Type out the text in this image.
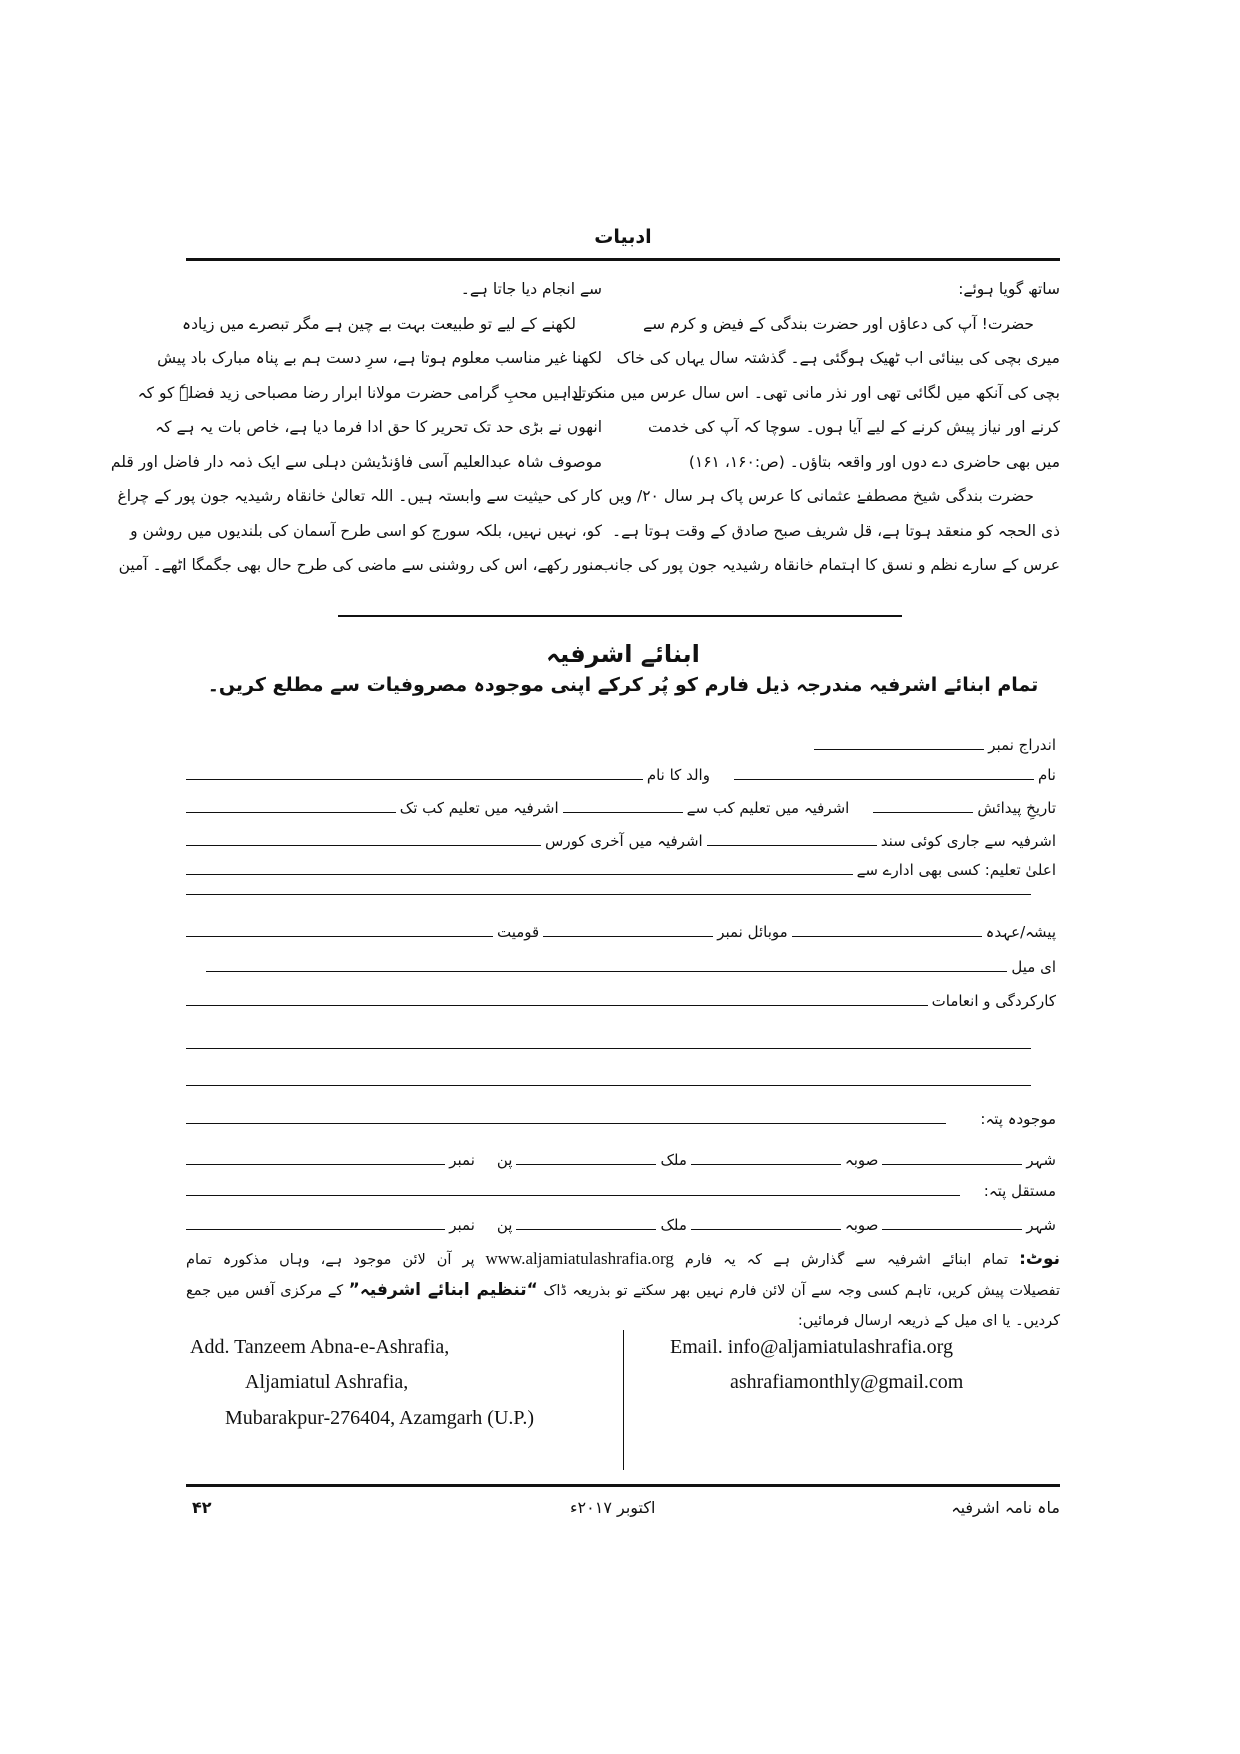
ادبیات
ساتھ گویا ہوئے:
حضرت! آپ کی دعاؤں اور حضرت بندگی کے فیض و کرم سے
میری بچی کی بینائی اب ٹھیک ہوگئی ہے۔ گذشتہ سال یہاں کی خاک
بچی کی آنکھ میں لگائی تھی اور نذر مانی تھی۔ اس سال عرس میں منت ادا
کرنے اور نیاز پیش کرنے کے لیے آیا ہوں۔ سوچا کہ آپ کی خدمت
میں بھی حاضری دے دوں اور واقعہ بتاؤں۔ (ص:۱۶۰، ۱۶۱)
حضرت بندگی شیخ مصطفےٰ عثمانی کا عرس پاک ہر سال ۲۰/ ویں
ذی الحجہ کو منعقد ہوتا ہے، قل شریف صبح صادق کے وقت ہوتا ہے۔
عرس کے سارے نظم و نسق کا اہتمام خانقاہ رشیدیہ جون پور کی جانب
سے انجام دیا جاتا ہے۔
لکھنے کے لیے تو طبیعت بہت بے چین ہے مگر تبصرے میں زیادہ
لکھنا غیر مناسب معلوم ہوتا ہے، سرِ دست ہم بے پناہ مبارک باد پیش
کرتے ہیں محبِ گرامی حضرت مولانا ابرار رضا مصباحی زید فضلہٗ کو کہ
انھوں نے بڑی حد تک تحریر کا حق ادا فرما دیا ہے، خاص بات یہ ہے کہ
موصوف شاہ عبدالعلیم آسی فاؤنڈیشن دہلی سے ایک ذمہ دار فاضل اور قلم
کار کی حیثیت سے وابستہ ہیں۔ اللہ تعالیٰ خانقاہ رشیدیہ جون پور کے چراغ
کو، نہیں نہیں، بلکہ سورج کو اسی طرح آسمان کی بلندیوں میں روشن و
منور رکھے، اس کی روشنی سے ماضی کی طرح حال بھی جگمگا اٹھے۔ آمین
ابنائے اشرفیہ
تمام ابنائے اشرفیہ مندرجہ ذیل فارم کو پُر کرکے اپنی موجودہ مصروفیات سے مطلع کریں۔
اندراج نمبر
نام
والد کا نام
تاریخِ پیدائش
اشرفیہ میں تعلیم کب سے
اشرفیہ میں تعلیم کب تک
اشرفیہ سے جاری کوئی سند
اشرفیہ میں آخری کورس
اعلیٰ تعلیم: کسی بھی ادارے سے
پیشہ/عہدہ
موبائل نمبر
قومیت
ای میل
کارکردگی و انعامات
موجودہ پتہ:
شہر
صوبہ
ملک
پن
نمبر
مستقل پتہ:
شہر
صوبہ
ملک
پن
نمبر
نوٹ: تمام ابنائے اشرفیہ سے گذارش ہے کہ یہ فارم www.aljamiatulashrafia.org پر آن لائن موجود ہے، وہاں مذکورہ تمام
تفصیلات پیش کریں، تاہم کسی وجہ سے آن لائن فارم نہیں بھر سکتے تو بذریعہ ڈاک “تنظیم ابنائے اشرفیہ” کے مرکزی آفس میں جمع
کردیں۔ یا ای میل کے ذریعہ ارسال فرمائیں:
Add. Tanzeem Abna-e-Ashrafia,
Aljamiatul Ashrafia,
Mubarakpur-276404, Azamgarh (U.P.)
Email. info@aljamiatulashrafia.org
ashrafiamonthly@gmail.com
ماہ نامہ اشرفیہ
اکتوبر ۲۰۱۷ء
۴۲
